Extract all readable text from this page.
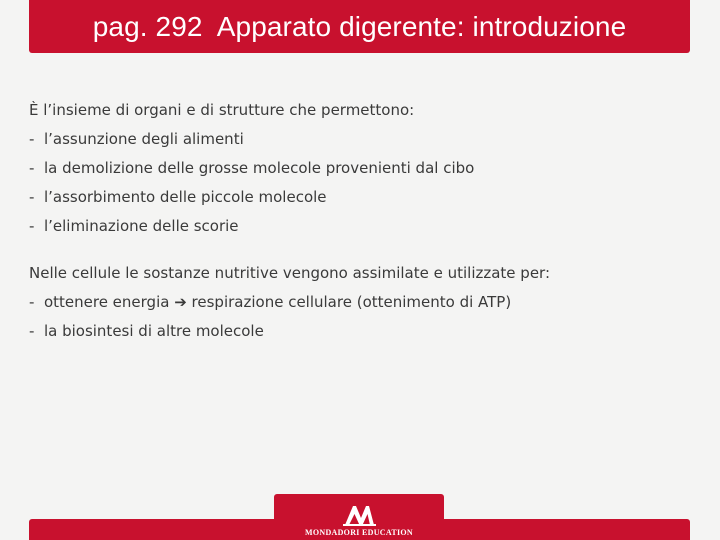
pag. 292  Apparato digerente: introduzione

È l’insieme di organi e di strutture che permettono:

-  l’assunzione degli alimenti

-  la demolizione delle grosse molecole provenienti dal cibo

-  l’assorbimento delle piccole molecole

-  l’eliminazione delle scorie

Nelle cellule le sostanze nutritive vengono assimilate e utilizzate per:

-  ottenere energia ➔ respirazione cellulare (ottenimento di ATP)

-  la biosintesi di altre molecole

MONDADORI EDUCATION
